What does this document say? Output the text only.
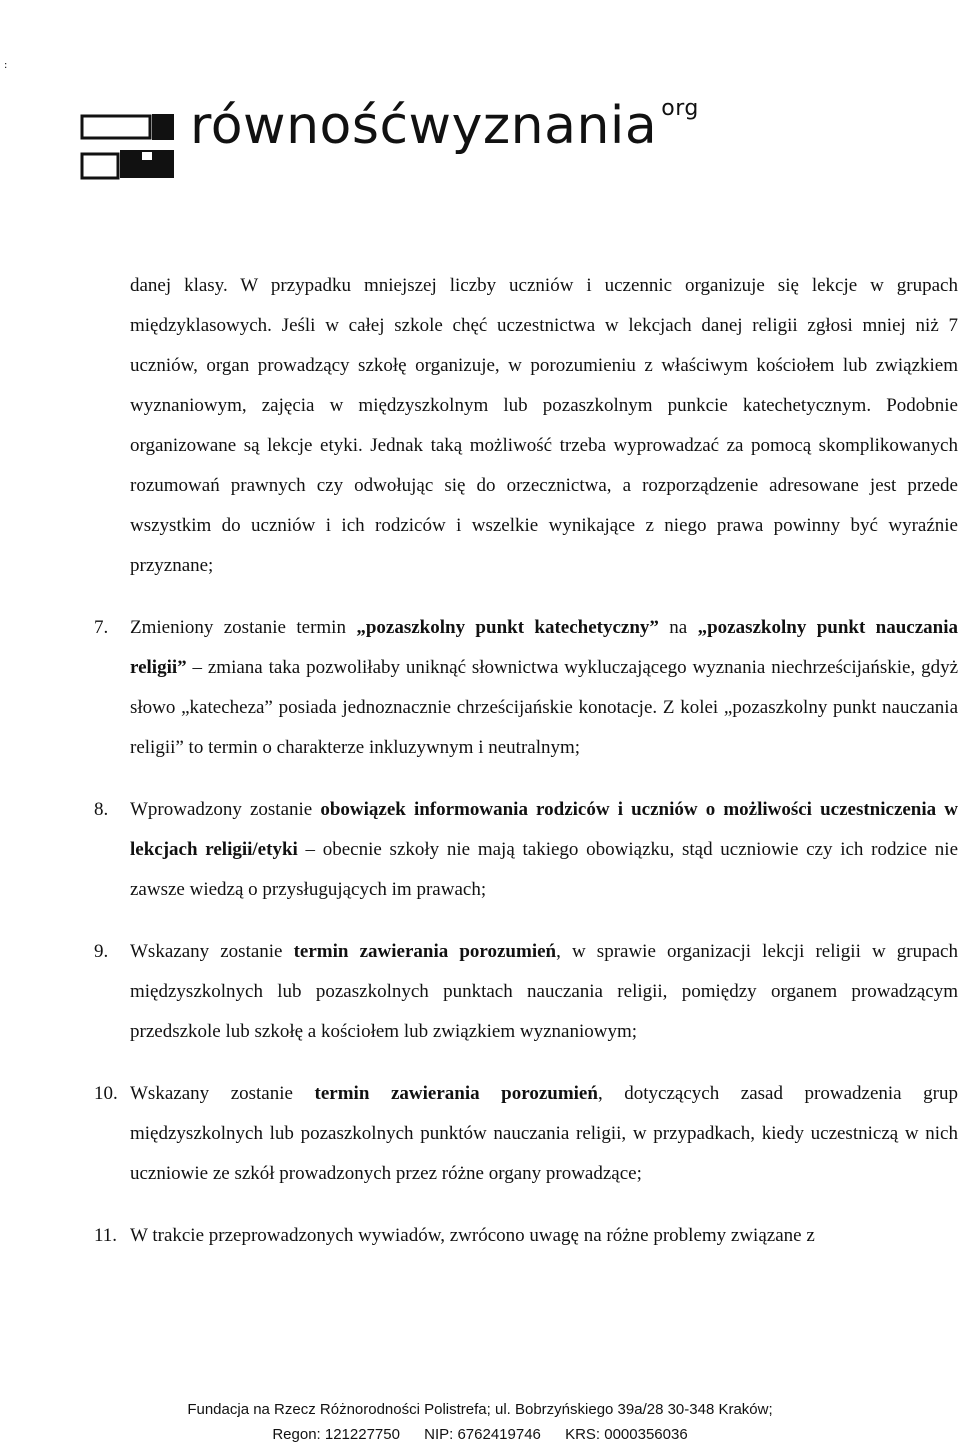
:
równośćwyznania $^{org}$

danej klasy. W przypadku mniejszej liczby uczniów i uczennic organizuje się lekcje w grupach międzyklasowych. Jeśli w całej szkole chęć uczestnictwa w lekcjach danej religii zgłosi mniej niż 7 uczniów, organ prowadzący szkołę organizuje, w porozumieniu z właściwym kościołem lub związkiem wyznaniowym, zajęcia w międzyszkolnym lub pozaszkolnym punkcie katechetycznym. Podobnie organizowane są lekcje etyki. Jednak taką możliwość trzeba wyprowadzać za pomocą skomplikowanych rozumowań prawnych czy odwołując się do orzecznictwa, a rozporządzenie adresowane jest przede wszystkim do uczniów i ich rodziców i wszelkie wynikające z niego prawa powinny być wyraźnie przyznane;

7. Zmieniony zostanie termin „pozaszkolny punkt katechetyczny” na „pozaszkolny punkt nauczania religii” – zmiana taka pozwoliłaby uniknąć słownictwa wykluczającego wyznania niechrześcijańskie, gdyż słowo „katecheza” posiada jednoznacznie chrześcijańskie konotacje. Z kolei „pozaszkolny punkt nauczania religii” to termin o charakterze inkluzywnym i neutralnym;
8. Wprowadzony zostanie obowiązek informowania rodziców i uczniów o możliwości uczestniczenia w lekcjach religii/etyki – obecnie szkoły nie mają takiego obowiązku, stąd uczniowie czy ich rodzice nie zawsze wiedzą o przysługujących im prawach;
9. Wskazany zostanie termin zawierania porozumień, w sprawie organizacji lekcji religii w grupach międzyszkolnych lub pozaszkolnych punktach nauczania religii, pomiędzy organem prowadzącym przedszkole lub szkołę a kościołem lub związkiem wyznaniowym;
10. Wskazany zostanie termin zawierania porozumień, dotyczących zasad prowadzenia grup międzyszkolnych lub pozaszkolnych punktów nauczania religii, w przypadkach, kiedy uczestniczą w nich uczniowie ze szkół prowadzonych przez różne organy prowadzące;
11. W trakcie przeprowadzonych wywiadów, zwrócono uwagę na różne problemy związane z
Fundacja na Rzecz Różnorodności Polistrefa; ul. Bobrzyńskiego 39a/28 30-348 Kraków;
Regon: 121227750 NIP: 6762419746 KRS: 0000356036
